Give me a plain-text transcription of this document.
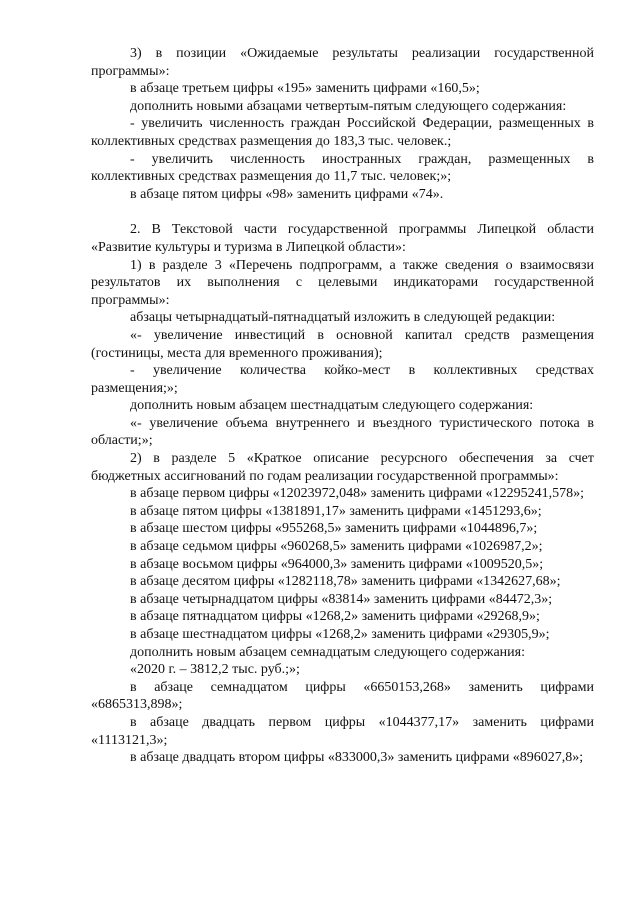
3) в позиции «Ожидаемые результаты реализации государственной программы»:

в абзаце третьем цифры «195» заменить цифрами «160,5»;

дополнить новыми абзацами четвертым-пятым следующего содержания:

- увеличить численность граждан Российской Федерации, размещенных в коллективных средствах размещения до 183,3 тыс. человек.;

- увеличить численность иностранных граждан, размещенных в коллективных средствах размещения до 11,7 тыс. человек;»;

в абзаце пятом цифры «98» заменить цифрами «74».

2. В Текстовой части государственной программы Липецкой области «Развитие культуры и туризма в Липецкой области»:

1) в разделе 3 «Перечень подпрограмм, а также сведения о взаимосвязи результатов их выполнения с целевыми индикаторами государственной программы»:

абзацы четырнадцатый-пятнадцатый изложить в следующей редакции:

«- увеличение инвестиций в основной капитал средств размещения (гостиницы, места для временного проживания);

- увеличение количества койко-мест в коллективных средствах размещения;»;

дополнить новым абзацем шестнадцатым следующего содержания:

«- увеличение объема внутреннего и въездного туристического потока в области;»;

2) в разделе 5 «Краткое описание ресурсного обеспечения за счет бюджетных ассигнований по годам реализации государственной программы»:

в абзаце первом цифры «12023972,048» заменить цифрами «12295241,578»;

в абзаце пятом цифры «1381891,17» заменить цифрами «1451293,6»;

в абзаце шестом цифры «955268,5» заменить цифрами «1044896,7»;

в абзаце седьмом цифры «960268,5» заменить цифрами «1026987,2»;

в абзаце восьмом цифры «964000,3» заменить цифрами «1009520,5»;

в абзаце десятом цифры «1282118,78» заменить цифрами «1342627,68»;

в абзаце четырнадцатом цифры «83814» заменить цифрами «84472,3»;

в абзаце пятнадцатом цифры «1268,2» заменить цифрами «29268,9»;

в абзаце шестнадцатом цифры «1268,2» заменить цифрами «29305,9»;

дополнить новым абзацем семнадцатым следующего содержания:

«2020 г. – 3812,2 тыс. руб.;»;

в абзаце семнадцатом цифры «6650153,268» заменить цифрами «6865313,898»;

в абзаце двадцать первом цифры «1044377,17» заменить цифрами «1113121,3»;

в абзаце двадцать втором цифры «833000,3» заменить цифрами «896027,8»;
